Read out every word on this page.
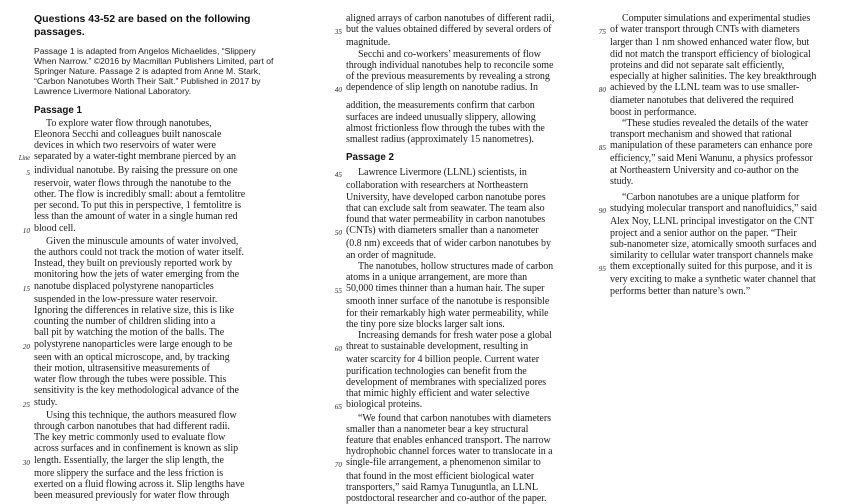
Questions 43-52 are based on the following passages.
Passage 1 is adapted from Angelos Michaelides, “Slippery When Narrow.” ©2016 by Macmillan Publishers Limited, part of Springer Nature. Passage 2 is adapted from Anne M. Stark, “Carbon Nanotubes Worth Their Salt.” Published in 2017 by Lawrence Livermore National Laboratory.
Passage 1
To explore water flow through nanotubes,
Eleonora Secchi and colleagues built nanoscale
devices in which two reservoirs of water were
Line separated by a water-tight membrane pierced by an
5 individual nanotube. By raising the pressure on one
reservoir, water flows through the nanotube to the
other. The flow is incredibly small: about a femtolitre
per second. To put this in perspective, 1 femtolitre is
less than the amount of water in a single human red
10 blood cell.
Given the minuscule amounts of water involved,
the authors could not track the motion of water itself.
Instead, they built on previously reported work by
monitoring how the jets of water emerging from the
15 nanotube displaced polystyrene nanoparticles
suspended in the low-pressure water reservoir.
Ignoring the differences in relative size, this is like
counting the number of children sliding into a
ball pit by watching the motion of the balls. The
20 polystyrene nanoparticles were large enough to be
seen with an optical microscope, and, by tracking
their motion, ultrasensitive measurements of
water flow through the tubes were possible. This
sensitivity is the key methodological advance of the
25 study.
Using this technique, the authors measured flow
through carbon nanotubes that had different radii.
The key metric commonly used to evaluate flow
across surfaces and in confinement is known as slip
30 length. Essentially, the larger the slip length, the
more slippery the surface and the less friction is
exerted on a fluid flowing across it. Slip lengths have
been measured previously for water flow through
aligned arrays of carbon nanotubes of different radii,
35 but the values obtained differed by several orders of
magnitude.
Secchi and co-workers’ measurements of flow
through individual nanotubes help to reconcile some
of the previous measurements by revealing a strong
40 dependence of slip length on nanotube radius. In
addition, the measurements confirm that carbon
surfaces are indeed unusually slippery, allowing
almost frictionless flow through the tubes with the
smallest radius (approximately 15 nanometres).
Passage 2
45	Lawrence Livermore (LLNL) scientists, in
collaboration with researchers at Northeastern
University, have developed carbon nanotube pores
that can exclude salt from seawater. The team also
found that water permeability in carbon nanotubes
50 (CNTs) with diameters smaller than a nanometer
(0.8 nm) exceeds that of wider carbon nanotubes by
an order of magnitude.
The nanotubes, hollow structures made of carbon
atoms in a unique arrangement, are more than
55 50,000 times thinner than a human hair. The super
smooth inner surface of the nanotube is responsible
for their remarkably high water permeability, while
the tiny pore size blocks larger salt ions.
Increasing demands for fresh water pose a global
60 threat to sustainable development, resulting in
water scarcity for 4 billion people. Current water
purification technologies can benefit from the
development of membranes with specialized pores
that mimic highly efficient and water selective
65 biological proteins.
“We found that carbon nanotubes with diameters
smaller than a nanometer bear a key structural
feature that enables enhanced transport. The narrow
hydrophobic channel forces water to translocate in a
70 single-file arrangement, a phenomenon similar to
that found in the most efficient biological water
transporters,” said Ramya Tunuguntla, an LLNL
postdoctoral researcher and co-author of the paper.
Computer simulations and experimental studies
75 of water transport through CNTs with diameters
larger than 1 nm showed enhanced water flow, but
did not match the transport efficiency of biological
proteins and did not separate salt efficiently,
especially at higher salinities. The key breakthrough
80 achieved by the LLNL team was to use smaller-
diameter nanotubes that delivered the required
boost in performance.
“These studies revealed the details of the water
transport mechanism and showed that rational
85 manipulation of these parameters can enhance pore
efficiency,” said Meni Wanunu, a physics professor
at Northeastern University and co-author on the
study.
“Carbon nanotubes are a unique platform for
90 studying molecular transport and nanofluidics,” said
Alex Noy, LLNL principal investigator on the CNT
project and a senior author on the paper. “Their
sub-nanometer size, atomically smooth surfaces and
similarity to cellular water transport channels make
95 them exceptionally suited for this purpose, and it is
very exciting to make a synthetic water channel that
performs better than nature’s own.”
